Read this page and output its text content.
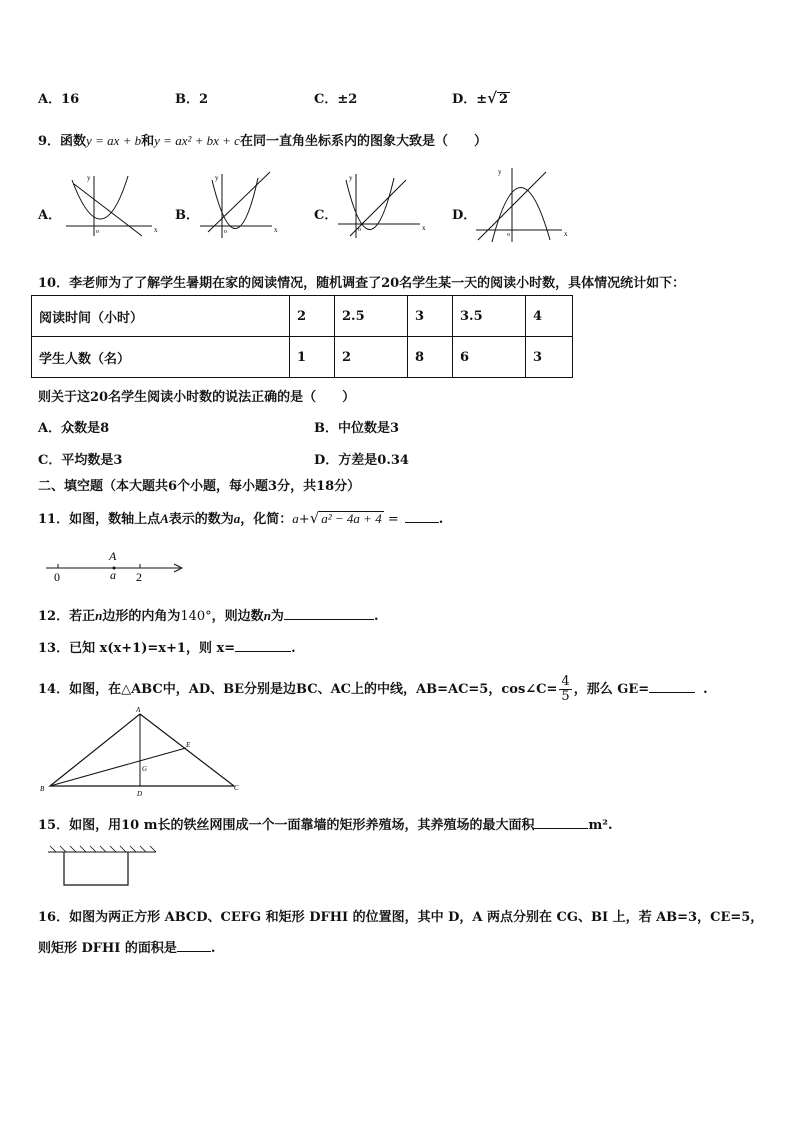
A．16	B．2	C．±2	D．±√ 2
9．函数y = ax + b和y = ax² + bx + c在同一直角坐标系内的图象大致是（　　）
A．	B．	C．	D．
x
y
o	x
y
o	x
y
o	x
y
o
10．李老师为了了解学生暑期在家的阅读情况，随机调查了20名学生某一天的阅读小时数，具体情况统计如下：
阅读时间（小时）	2	2.5	3	3.5	4
学生人数（名）	1	2	8	6	3
则关于这20名学生阅读小时数的说法正确的是（　　）
A．众数是8	B．中位数是3
C．平均数是3	D．方差是0.34
二、填空题（本大题共6个小题，每小题3分，共18分）
11．如图，数轴上点A表示的数为a，化简：a+√ a² − 4a + 4 =	.
0
A
a 2
12．若正n边形的内角为140°，则边数n为	.
13．已知 x(x+1)=x+1，则 x=	.
14．如图，在△ABC中，AD、BE分别是边BC、AC上的中线，AB=AC=5，cos∠C= $\frac{4}{5}$ ，那么 GE=	.
A
B	C
D
E
G
15．如图，用10 m长的铁丝网围成一个一面靠墙的矩形养殖场，其养殖场的最大面积	m².
16．如图为两正方形 ABCD、CEFG 和矩形 DFHI 的位置图，其中 D，A 两点分别在 CG、BI 上，若 AB=3，CE=5，
则矩形 DFHI 的面积是	.
